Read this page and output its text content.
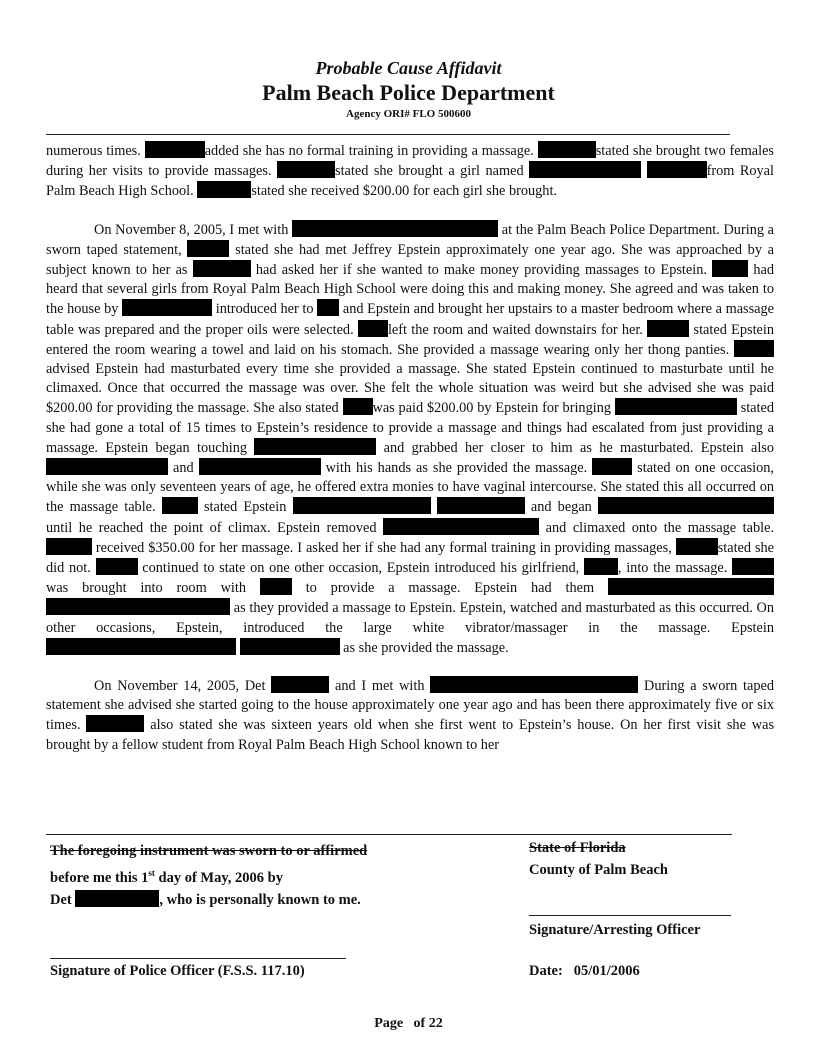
Probable Cause Affidavit
Palm Beach Police Department
Agency ORI# FLO 500600

numerous times.	added she has no formal training in providing a massage.	stated she brought two females during her visits to provide massages.	stated she brought a girl named	from Royal Palm Beach High School.	stated she received $200.00 for each girl she brought.

On November 8, 2005, I met with	at the Palm Beach Police Department. During a sworn taped statement,	stated she had met Jeffrey Epstein approximately one year ago. She was approached by a subject known to her as	had asked her if she wanted to make money providing massages to Epstein.	had heard that several girls from Royal Palm Beach High School were doing this and making money. She agreed and was taken to the house by	introduced her to and Epstein and brought her upstairs to a master bedroom where a massage table was prepared and the proper oils were selected. left the room and waited downstairs for her.	stated Epstein entered the room wearing a towel and laid on his stomach. She provided a massage wearing only her thong panties.  advised Epstein had masturbated every time she provided a massage. She stated Epstein continued to masturbate until he climaxed. Once that occurred the massage was over. She felt the whole situation was weird but she advised she was paid $200.00 for providing the massage. She also stated was paid $200.00 by Epstein for bringing	stated she had gone a total of 15 times to Epstein’s residence to provide a massage and things had escalated from just providing a massage. Epstein began touching	and grabbed her closer to him as he masturbated. Epstein also  and	with his hands as she provided the massage.	stated on one occasion, while she was only seventeen years of age, he offered extra monies to have vaginal intercourse. She stated this all occurred on the massage table.	stated Epstein	and began  until he reached the point of climax. Epstein removed	and climaxed onto the massage table.  received $350.00 for her massage. I asked her if she had any formal training in providing massages,	stated she did not.	continued to state on one other occasion, Epstein introduced his girlfriend,	, into the massage.  was brought into room with	to provide a massage. Epstein had them   as they provided a massage to Epstein. Epstein, watched and masturbated as this occurred. On other occasions, Epstein, introduced the large white vibrator/massager in the massage. Epstein   as she provided the massage.

On November 14, 2005, Det	and I met with	During a sworn taped statement she advised she started going to the house approximately one year ago and has been there approximately five or six times.	also stated she was sixteen years old when she first went to Epstein’s house. On her first visit she was brought by a fellow student from Royal Palm Beach High School known to her

The foregoing instrument was sworn to or affirmed
before me this 1st day of May, 2006 by
Det	, who is personally known to me.
State of Florida
County of Palm Beach
Signature/Arresting Officer
Signature of Police Officer (F.S.S. 117.10)	Date: 05/01/2006
Page of 22
